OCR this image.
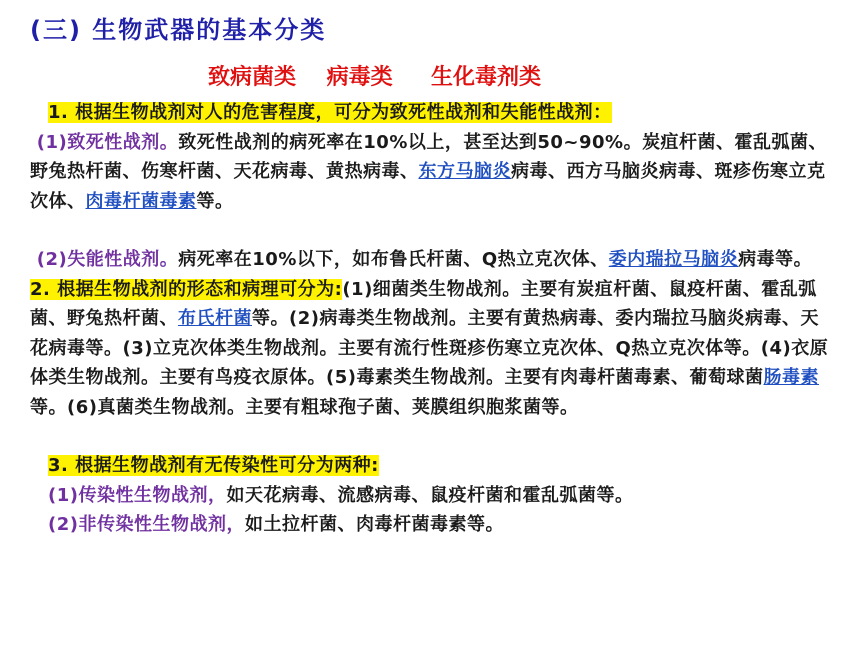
(三) 生物武器的基本分类
致病菌类 病毒类 生化毒剂类

1. 根据生物战剂对人的危害程度，可分为致死性战剂和失能性战剂：

(1)致死性战剂。致死性战剂的病死率在10%以上，甚至达到50~90%。炭疽杆菌、霍乱弧菌、野兔热杆菌、伤寒杆菌、天花病毒、黄热病毒、东方马脑炎病毒、西方马脑炎病毒、斑疹伤寒立克次体、肉毒杆菌毒素等。

(2)失能性战剂。病死率在10%以下，如布鲁氏杆菌、Q热立克次体、委内瑞拉马脑炎病毒等。

2. 根据生物战剂的形态和病理可分为:(1)细菌类生物战剂。主要有炭疽杆菌、鼠疫杆菌、霍乱弧菌、野兔热杆菌、布氏杆菌等。(2)病毒类生物战剂。主要有黄热病毒、委内瑞拉马脑炎病毒、天花病毒等。(3)立克次体类生物战剂。主要有流行性斑疹伤寒立克次体、Q热立克次体等。(4)衣原体类生物战剂。主要有鸟疫衣原体。(5)毒素类生物战剂。主要有肉毒杆菌毒素、葡萄球菌肠毒素等。(6)真菌类生物战剂。主要有粗球孢子菌、荚膜组织胞浆菌等。

3. 根据生物战剂有无传染性可分为两种:

(1)传染性生物战剂，如天花病毒、流感病毒、鼠疫杆菌和霍乱弧菌等。

(2)非传染性生物战剂，如土拉杆菌、肉毒杆菌毒素等。
